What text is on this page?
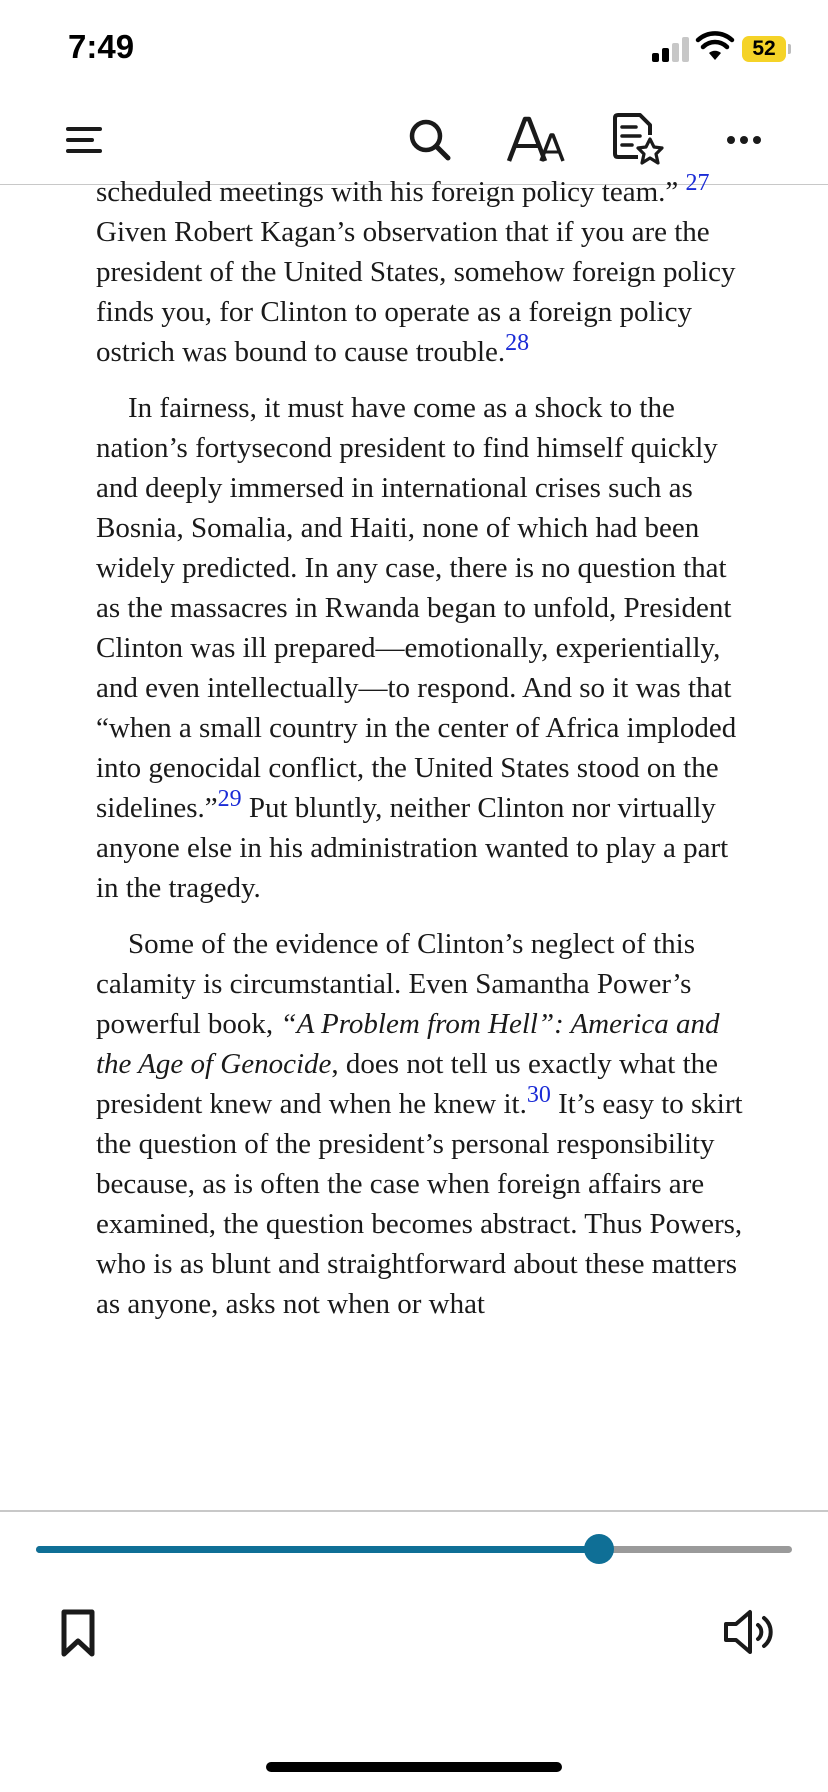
7:49	52

scheduled meetings with his foreign policy team.” $^{27}$ Given Robert Kagan’s observation that if you are the president of the United States, somehow foreign policy finds you, for Clinton to operate as a foreign policy ostrich was bound to cause trouble.$^{28}$

In fairness, it must have come as a shock to the nation’s fortysecond president to find himself quickly and deeply immersed in international crises such as Bosnia, Somalia, and Haiti, none of which had been widely predicted. In any case, there is no question that as the massacres in Rwanda began to unfold, President Clinton was ill prepared—emotionally, experientially, and even intellectually—to respond. And so it was that “when a small country in the center of Africa imploded into genocidal conflict, the United States stood on the sidelines.”$^{29}$ Put bluntly, neither Clinton nor virtually anyone else in his administration wanted to play a part in the tragedy.

Some of the evidence of Clinton’s neglect of this calamity is circumstantial. Even Samantha Power’s powerful book, “A Problem from Hell”: America and the Age of Genocide, does not tell us exactly what the president knew and when he knew it.$^{30}$ It’s easy to skirt the question of the president’s personal responsibility because, as is often the case when foreign affairs are examined, the question becomes abstract. Thus Powers, who is as blunt and straightforward about these matters as anyone, asks not when or what
